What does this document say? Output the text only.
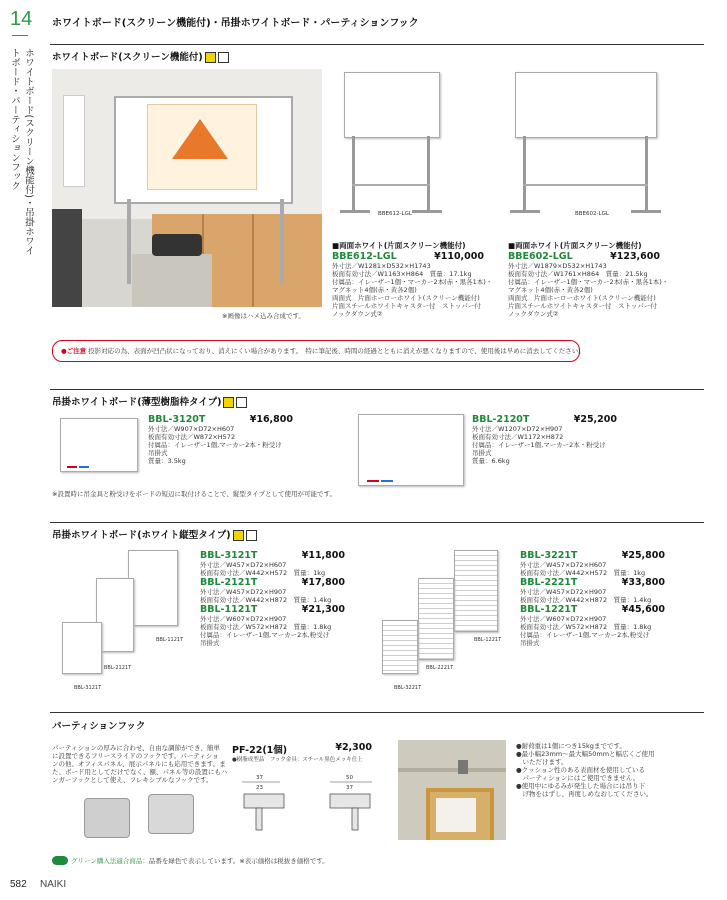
14 ホワイトボード(スクリーン機能付)・吊掛ホワイトボード・パーティションフック
ホワイトボード(スクリーン機能付)・吊掛ホワイトボード・パーティションフック	ホワイトボード(スクリーン機能付)
※画像はハメ込み合成です。
BBE612-LGL	BBE602-LGL
■両面ホワイト(片面スクリーン機能付)
BBE612-LGL	¥110,000
外寸法／W1281×D532×H1743
板面有効寸法／W1163×H864　質量：17.1kg
付属品：イレーザー1個・マーカー2本(赤・黒各1本)・
マグネット4個(赤・黄各2個)
両面式　片面ホーローホワイト(スクリーン機能付)
片面スチールホワイトキャスター付　ストッパー付
ノックダウン式②
■両面ホワイト(片面スクリーン機能付)
BBE602-LGL	¥123,600
外寸法／W1879×D532×H1743
板面有効寸法／W1761×H864　質量：21.5kg
付属品：イレーザー1個・マーカー2本(赤・黒各1本)・
マグネット4個(赤・黄各2個)
両面式　片面ホーローホワイト(スクリーン機能付)
片面スチールホワイトキャスター付　ストッパー付
ノックダウン式②
●ご注意 投影対応の為、表面が凹凸状になっており、消えにくい場合があります。　特に筆記後、時間の経過とともに消えが悪くなりますので、使用後は早めに消去してください。
吊掛ホワイトボード(薄型樹脂枠タイプ)
BBL-3120T	¥16,800
外寸法／W907×D72×H607
板面有効寸法／W872×H572
付属品：イレーザー1個,マーカー2本・粉受け
吊掛式
質量：3.5kg
BBL-2120T	¥25,200
外寸法／W1207×D72×H907
板面有効寸法／W1172×H872
付属品：イレーザー1個,マーカー2本・粉受け
吊掛式
質量：6.6kg
※設置時に吊金具と粉受けをボードの短辺に取付けることで、縦型タイプとして使用が可能です。
吊掛ホワイトボード(ホワイト縦型タイプ)
BBL-1121T
BBL-2121T
BBL-3121T
BBL-3121T	¥11,800
外寸法／W457×D72×H607
板面有効寸法／W442×H572　質量：1kg
BBL-2121T	¥17,800
外寸法／W457×D72×H907
板面有効寸法／W442×H872　質量：1.4kg
BBL-1121T	¥21,300
外寸法／W607×D72×H907
板面有効寸法／W572×H872　質量：1.8kg
付属品：イレーザー1個,マーカー2本,粉受け
吊掛式	BBL-1221T
BBL-2221T
BBL-3221T
BBL-3221T	¥25,800
外寸法／W457×D72×H607
板面有効寸法／W442×H572　質量：1kg
BBL-2221T	¥33,800
外寸法／W457×D72×H907
板面有効寸法／W442×H872　質量：1.4kg
BBL-1221T	¥45,600
外寸法／W607×D72×H907
板面有効寸法／W572×H872　質量：1.8kg
付属品：イレーザー1個,マーカー2本,粉受け
吊掛式
パーティションフック
パーティションの厚みに合わせ、自由な調節ができ、簡単
に設置できるフリースライドのフックです。パーティショ
ンの他、オフィスパネル、展示パネルにも応用できます。ま
た、ボード用としてだけでなく、額、パネル等の設置にもハ
ンガーフックとして使え、フレキシブルなフックです。
PF-22(1個)	¥2,300
●樹脂成型品　フック金具：スチール黒色メッキ仕上
37
23
50
37
●耐荷重は1個につき15kgまでです。
●最小幅23mm～最大幅50mmと幅広くご使用
　いただけます。
●クッション性のある表面材を使用している
　パーティションにはご使用できません。
●使用中にゆるみが発生した場合には吊り下
　げ物をはずし、再度しめなおしてください。
グリーン購入法適合商品 ：品番を緑色で表示しています。※表示価格は税抜き価格です。
582 NAIKI
